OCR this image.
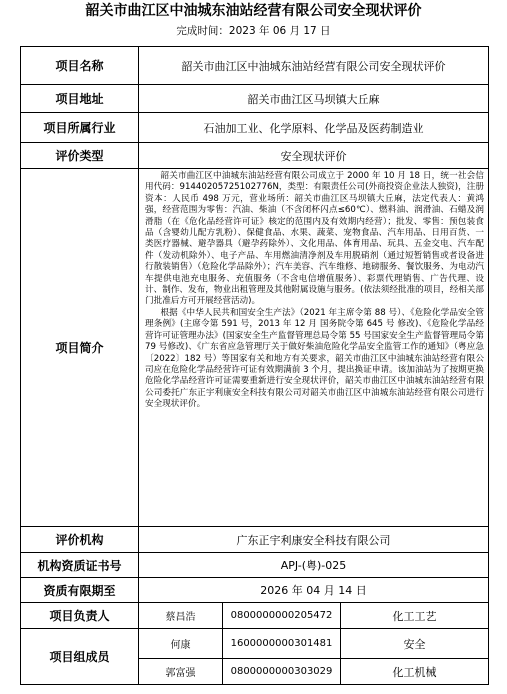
韶关市曲江区中油城东油站经营有限公司安全现状评价
完成时间：2023 年 06 月 17 日
项目名称	韶关市曲江区中油城东油站经营有限公司安全现状评价		
项目地址	韶关市曲江区马坝镇大丘麻		
项目所属行业	石油加工业、化学原料、化学品及医药制造业		
评价类型	安全现状评价		
项目简介	韶关市曲江区中油城东油站经营有限公司成立于 2000 年 10 月 18 日，统一社会信用代码：914402057251027​76N，类型：有限责任公司(外商投资企业法人独资)，注册资本：人民币 498 万元，营业场所：韶关市曲江区马坝镇大丘麻，法定代表人：黄鸿强，经营范围为零售：汽油、柴油（不含闭杯闪点≤60℃）、燃料油、润滑油、石蜡及润滑脂（在《危化品经营许可证》核定的范围内及有效期内经营）；批发、零售：预包装食品（含婴幼儿配方乳粉）、保健食品、水果、蔬菜、宠物食品、汽车用品、日用百货、一类医疗器械、避孕器具（避孕药除外）、文化用品、体育用品、玩具、五金交电、汽车配件（发动机除外）、电子产品、车用燃油清净剂及车用脱硝剂（通过短暂销售或者设备进行散装销售）（危险化学品除外）；汽车美容、汽车维修、地磅服务、餐饮服务、为电动汽车提供电池充电服务、充值服务（不含电信增值服务）、彩票代理销售、广告代理、设计、制作、发布，物业出租管理及其他附属设施与服务。(依法须经批准的项目，经相关部门批准后方可开展经营活动)。

根据《中华人民共和国安全生产法》（2021 年主席令第 88 号）、《危险化学品安全管理条例》(主席令第 591 号，2013 年 12 月 国务院令第 645 号 修改)、《危险化学品经营许可证管理办法》(国家安全生产监督管理总局令第 55 号国家安全生产监督管理局令第 79 号修改)、《广东省应急管理厅关于做好柴油危险化学品安全监管工作的通知》（粤应急〔2022〕182 号）等国家有关和地方有关要求，韶关市曲江区中油城东油站经营有限公司应在危险化学品经营许可证有效期满前 3 个月，提出换证申请。该加油站为了按期更换危险化学品经营许可证需要重新进行安全现状评价，韶关市曲江区中油城东油站经营有限公司委托广东正宇利康安全科技有限公司对韶关市曲江区中油城东油站经营有限公司进行安全现状评价。		

评价机构	广东正宇利康安全科技有限公司		
机构资质证书号	APJ-(粤)-025		
资质有限期至	2026 年 04 月 14 日		
项目负责人	蔡昌浩	0800000000205472	化工工艺
项目组成员	何康	1600000000301481	安全
	郭富强	0800000000303029	化工机械
